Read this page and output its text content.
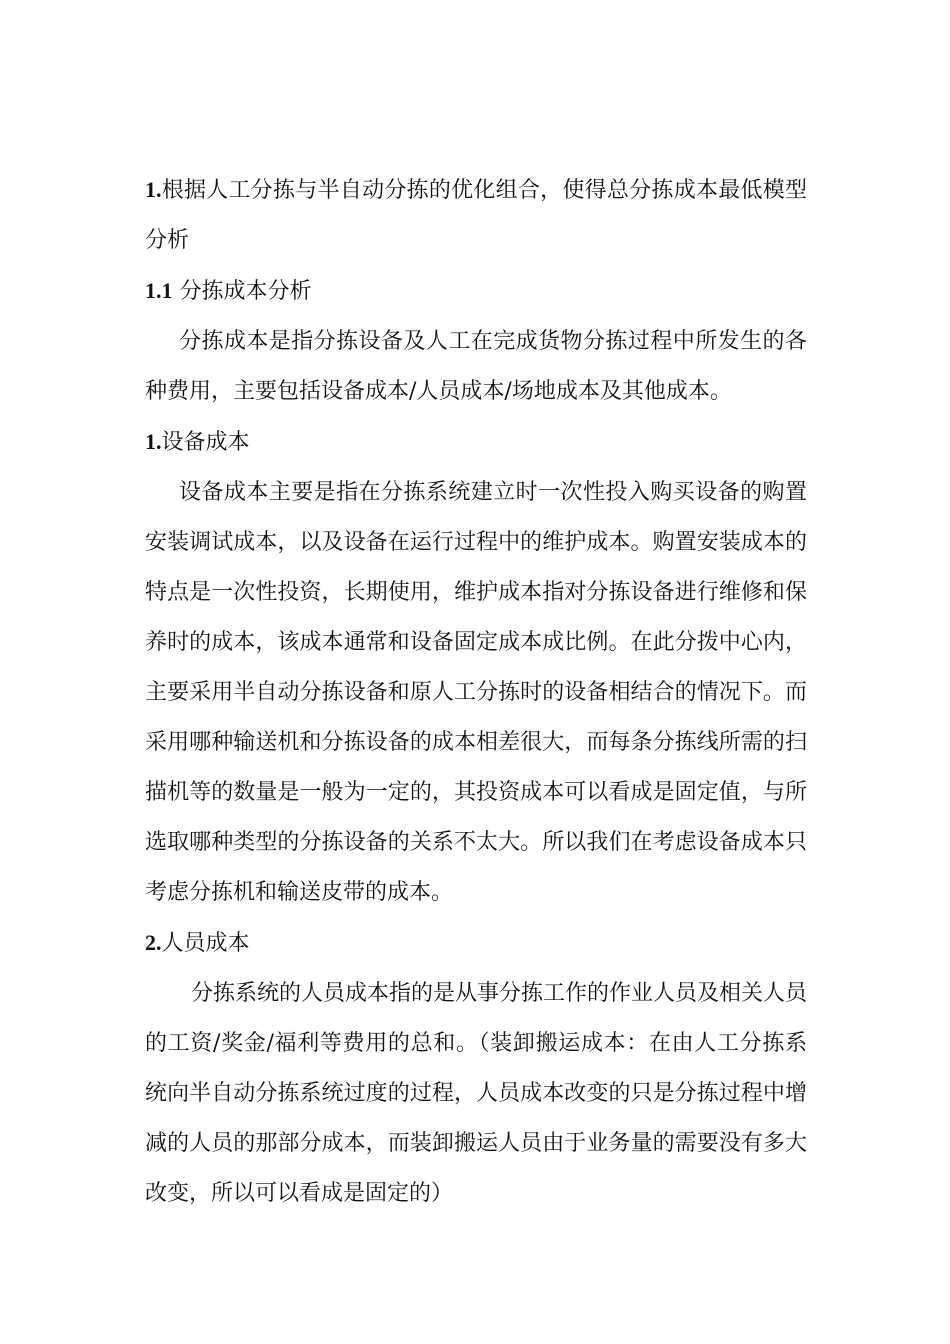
1.根据人工分拣与半自动分拣的优化组合，使得总分拣成本最低模型分析

1.1 分拣成本分析

分拣成本是指分拣设备及人工在完成货物分拣过程中所发生的各种费用，主要包括设备成本/人员成本/场地成本及其他成本。

1.设备成本

设备成本主要是指在分拣系统建立时一次性投入购买设备的购置安装调试成本，以及设备在运行过程中的维护成本。购置安装成本的特点是一次性投资，长期使用，维护成本指对分拣设备进行维修和保养时的成本，该成本通常和设备固定成本成比例。在此分拨中心内，主要采用半自动分拣设备和原人工分拣时的设备相结合的情况下。而采用哪种输送机和分拣设备的成本相差很大，而每条分拣线所需的扫描机等的数量是一般为一定的，其投资成本可以看成是固定值，与所选取哪种类型的分拣设备的关系不太大。所以我们在考虑设备成本只考虑分拣机和输送皮带的成本。

2.人员成本

分拣系统的人员成本指的是从事分拣工作的作业人员及相关人员的工资/奖金/福利等费用的总和。（装卸搬运成本：在由人工分拣系统向半自动分拣系统过度的过程，人员成本改变的只是分拣过程中增减的人员的那部分成本，而装卸搬运人员由于业务量的需要没有多大改变，所以可以看成是固定的）
